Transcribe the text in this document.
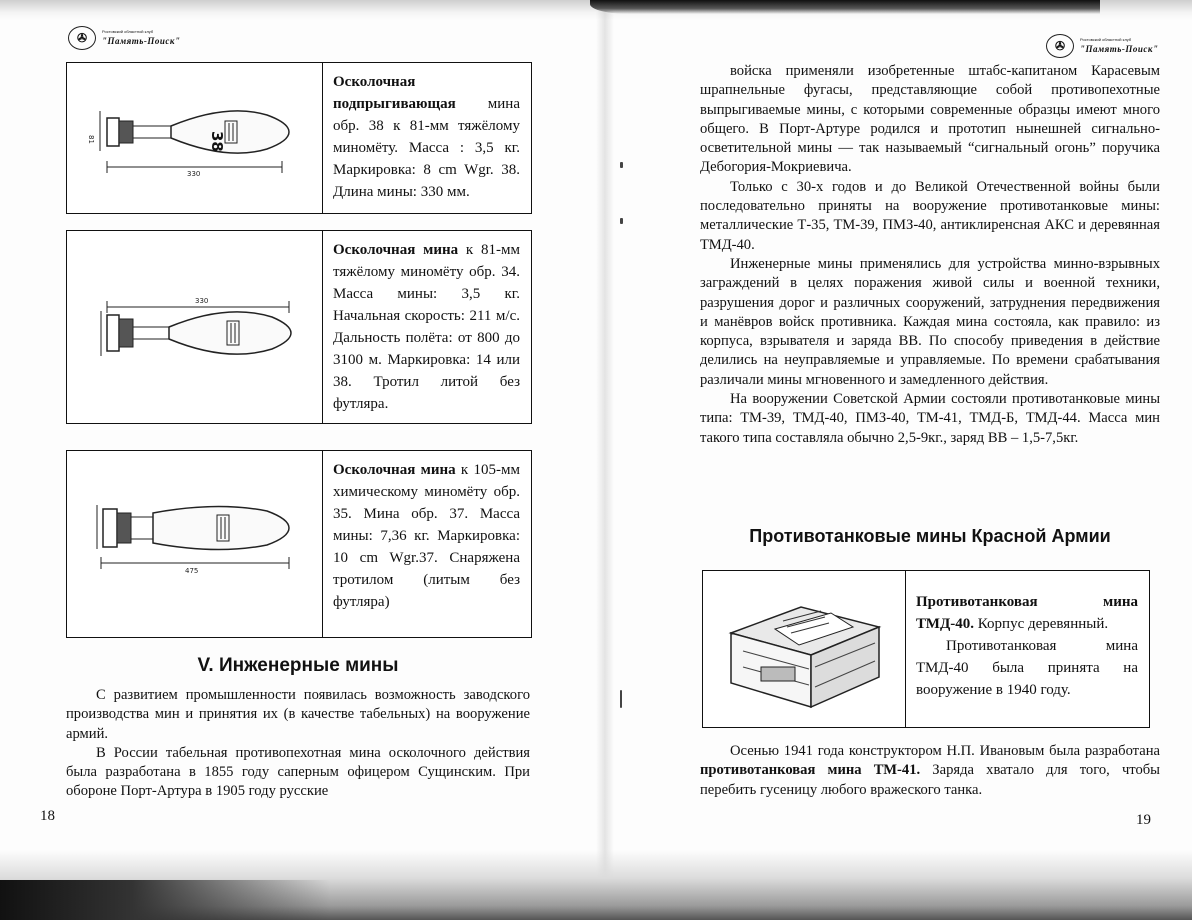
✇	Ростовский областной клуб
"Память-Поиск"
330
81	38
Осколочная подпрыгивающая мина обр. 38 к 81-мм тяжёлому миномёту. Масса : 3,5 кг. Маркировка: 8 cm Wgr. 38. Длина мины: 330 мм.
330
Осколочная мина к 81-мм тяжёлому миномёту обр. 34. Масса мины: 3,5 кг. Начальная скорость: 211 м/с. Дальность полёта: от 800 до 3100 м. Маркировка: 14 или 38. Тротил литой без футляра.
475
Осколочная мина к 105-мм химическому миномёту обр. 35. Мина обр. 37. Масса мины: 7,36 кг. Маркировка: 10 cm Wgr.37. Снаряжена тротилом (литым без футляра)
V. Инженерные мины

С развитием промышленности появилась возможность заводского производства мин и принятия их (в качестве табельных) на вооружение армий.

В России табельная противопехотная мина осколочного действия была разработана в 1855 году саперным офицером Сущинским. При обороне Порт-Артура в 1905 году русские

18
✇	Ростовский областной клуб
"Память-Поиск"

войска применяли изобретенные штабс-капитаном Карасевым шрапнельные фугасы, представляющие собой противопехотные выпрыгиваемые мины, с которыми современные образцы имеют много общего. В Порт-Артуре родился и прототип нынешней сигнально-осветительной мины — так называемый “сигнальный огонь” поручика Дебогория-Мокриевича.

Только с 30-х годов и до Великой Отечественной войны были последовательно приняты на вооружение противотанковые мины: металлические Т-35, ТМ-39, ПМЗ-40, антиклиренсная АКС и деревянная ТМД-40.

Инженерные мины применялись для устройства минно-взрывных заграждений в целях поражения живой силы и военной техники, разрушения дорог и различных сооружений, затруднения передвижения и манёвров войск противника. Каждая мина состояла, как правило: из корпуса, взрывателя и заряда ВВ. По способу приведения в действие делились на неуправляемые и управляемые. По времени срабатывания различали мины мгновенного и замедленного действия.

На вооружении Советской Армии состояли противотанковые мины типа: ТМ-39, ТМД-40, ПМЗ-40, ТМ-41, ТМД-Б, ТМД-44. Масса мин такого типа составляла обычно 2,5-9кг., заряд ВВ – 1,5-7,5кг.

Противотанковые мины Красной Армии
Противотанковая мина ТМД-40. Корпус деревянный.
Противотанковая мина ТМД-40 была принята на вооружение в 1940 году.

Осенью 1941 года конструктором Н.П. Ивановым была разработана противотанковая мина ТМ-41. Заряда хватало для того, чтобы перебить гусеницу любого вражеского танка.

19
